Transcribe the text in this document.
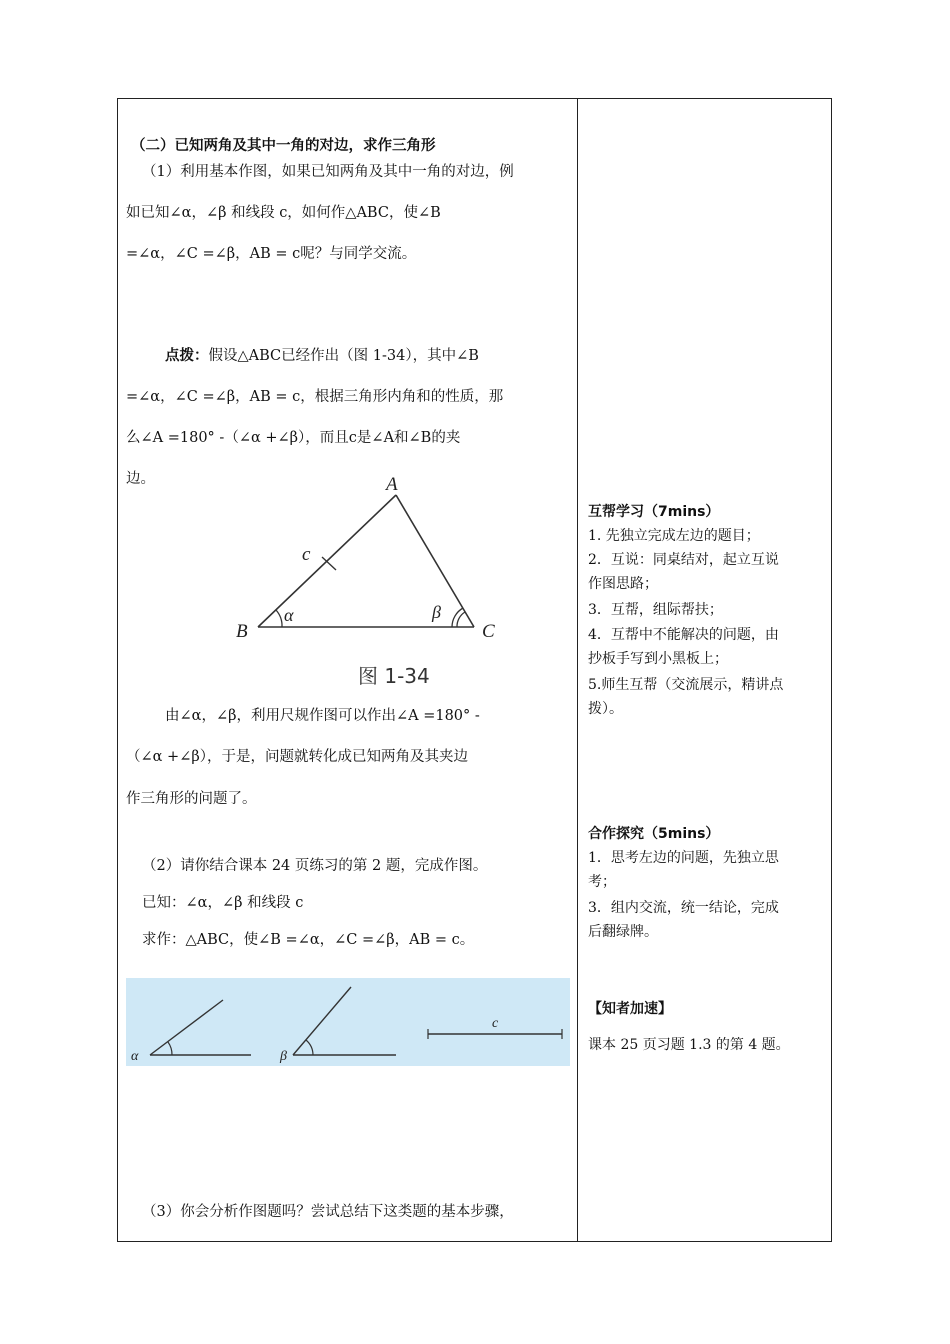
（二）已知两角及其中一角的对边，求作三角形
（1）利用基本作图，如果已知两角及其中一角的对边，例
如已知∠α，∠β 和线段 c，如何作△ABC，使∠B
=∠α，∠C =∠β，AB = c呢？与同学交流。
点拨：假设△ABC已经作出（图 1-34），其中∠B
=∠α，∠C =∠β，AB = c，根据三角形内角和的性质，那
么∠A =180° -（∠α +∠β），而且c是∠A和∠B的夹
边。	A
B	C
c
α	β
图 1-34
由∠α，∠β，利用尺规作图可以作出∠A =180° -
（∠α +∠β），于是，问题就转化成已知两角及其夹边
作三角形的问题了。
（2）请你结合课本 24 页练习的第 2 题，完成作图。
已知：∠α，∠β 和线段 c
求作：△ABC，使∠B =∠α，∠C =∠β，AB = c。
α	β
c
（3）你会分析作图题吗？尝试总结下这类题的基本步骤，
互帮学习（7mins）
1. 先独立完成左边的题目；
2．互说：同桌结对，起立互说
作图思路；
3．互帮，组际帮扶；
4．互帮中不能解决的问题，由
抄板手写到小黑板上；
5.师生互帮（交流展示，精讲点
拨）。
合作探究（5mins）
1．思考左边的问题，先独立思
考；
3．组内交流，统一结论，完成
后翻绿牌。
【知者加速】
课本 25 页习题 1.3 的第 4 题。
